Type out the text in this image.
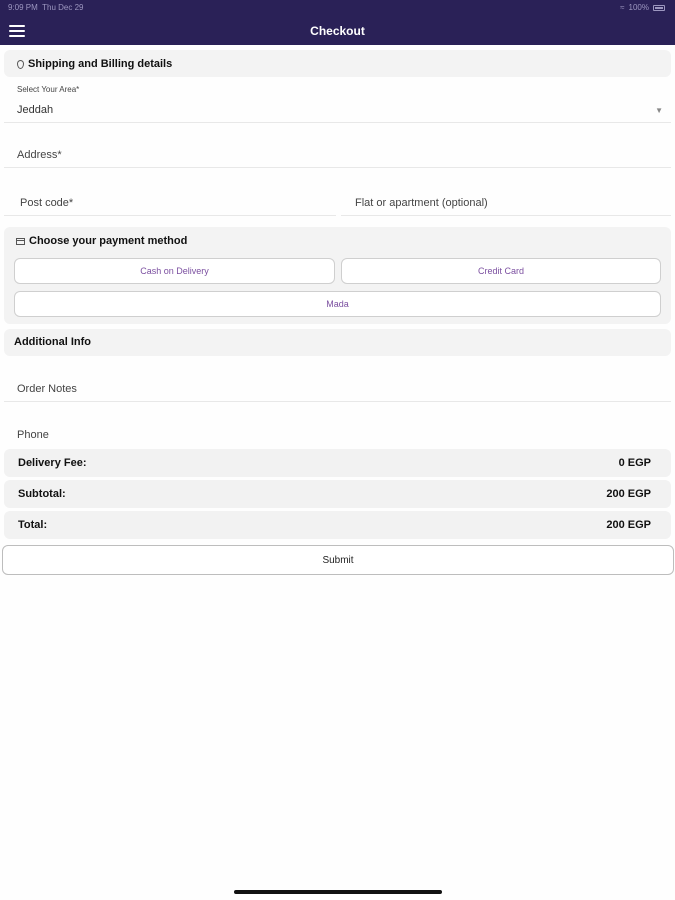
9:09 PM Thu Dec 29	≈ 100%
Checkout
Shipping and Billing details
Select Your Area*
Jeddah	▼
Address*
Post code*	Flat or apartment (optional)
Choose your payment method
Cash on Delivery	Credit Card
Mada
Additional Info
Order Notes
Phone
Delivery Fee:	0 EGP
Subtotal:	200 EGP
Total:	200 EGP
Submit
